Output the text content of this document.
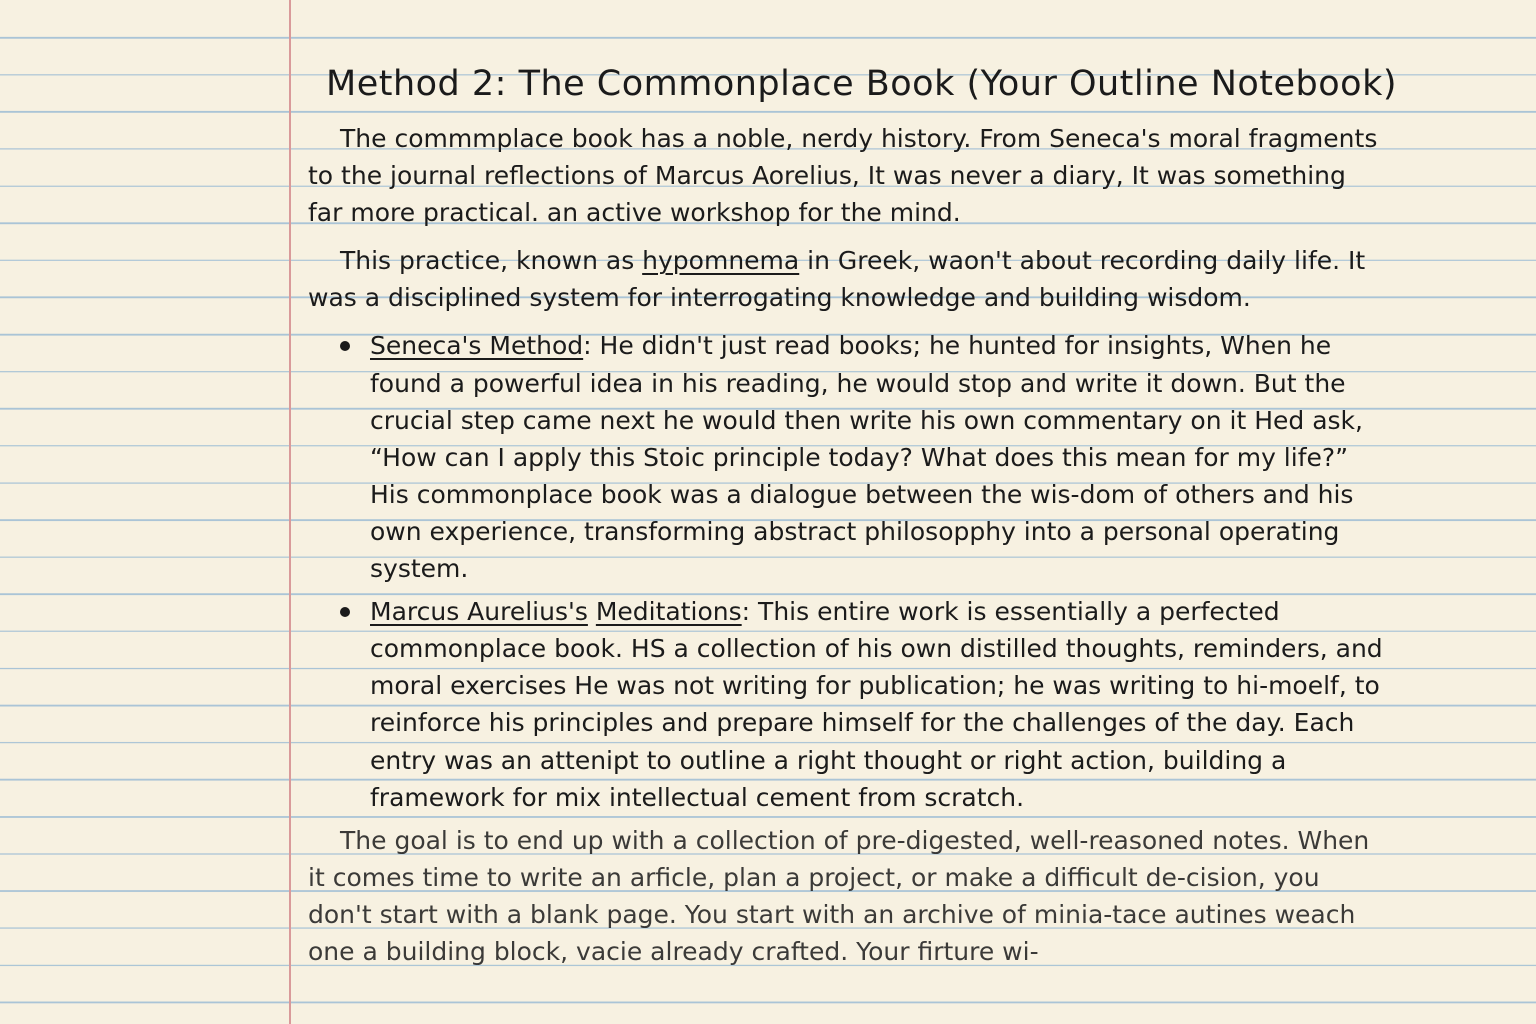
Method 2: The Commonplace Book (Your Outline Notebook)

The commmplace book has a noble, nerdy history. From Seneca's moral fragments to the journal reflections of Marcus Aorelius, It was never a diary, It was something far more practical. an active workshop for the mind.

This practice, known as hypomnema in Greek, waon't about recording daily life. It was a disciplined system for interrogating knowledge and building wisdom.

Seneca's Method: He didn't just read books; he hunted for insights, When he found a powerful idea in his reading, he would stop and write it down. But the crucial step came next he would then write his own commentary on it Hed ask, “How can I apply this Stoic principle today? What does this mean for my life?” His commonplace book was a dialogue between the wis-dom of others and his own experience, transforming abstract philosopphy into a personal operating system.
Marcus Aurelius's Meditations: This entire work is essentially a perfected commonplace book. HS a collection of his own distilled thoughts, reminders, and moral exercises He was not writing for publication; he was writing to hi-moelf, to reinforce his principles and prepare himself for the challenges of the day. Each entry was an attenipt to outline a right thought or right action, building a framework for mix intellectual cement from scratch.

The goal is to end up with a collection of pre-digested, well-reasoned notes. When it comes time to write an arficle, plan a project, or make a difficult de-cision, you don't start with a blank page. You start with an archive of minia-tace autines weach one a building block, vacie already crafted. Your firture wi-
